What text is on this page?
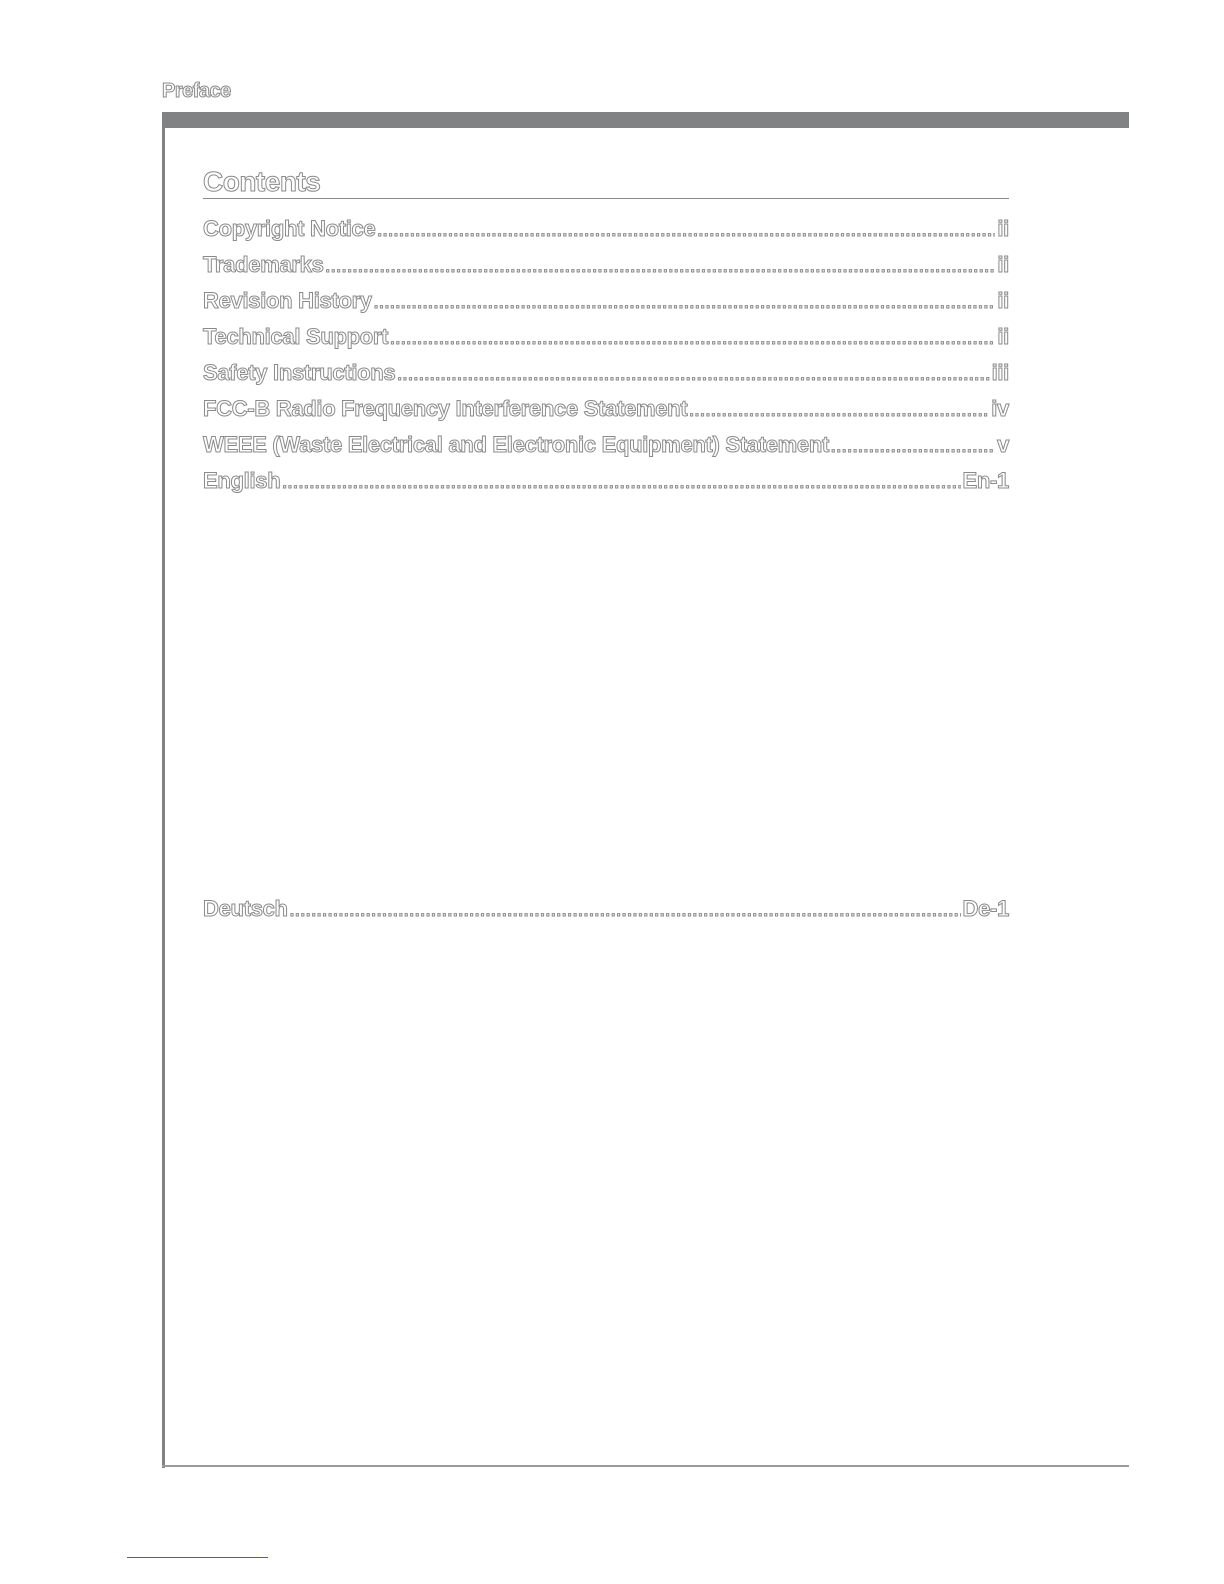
Preface
Contents
Copyright Notice .....	ii
Trademarks .....	ii
Revision History .....	ii
Technical Support .....	ii
Safety Instructions .....	iii
FCC-B Radio Frequency Interference Statement .....	iv
WEEE (Waste Electrical and Electronic Equipment) Statement .....	v
English .....	En-1
Deutsch .....	De-1
